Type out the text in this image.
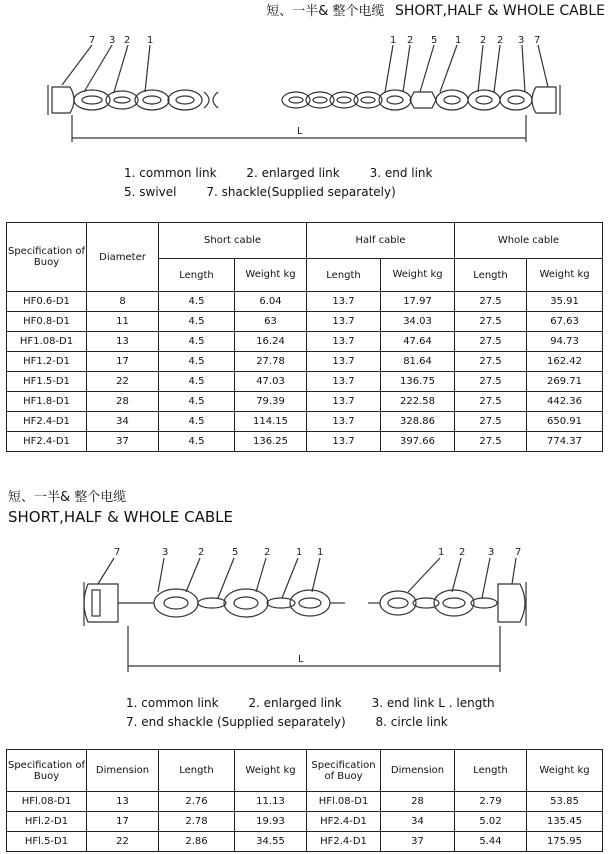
短、一半& 整个电缆 SHORT,HALF & WHOLE CABLE
7 3 2 1	1 2 5 1 2 2 3 7
L
1. common link 2. enlarged link 3. end link
5. swivel 7. shackle(Supplied separately)
Specification of Buoy	Diameter	Short cable		Half cable		Whole cable	
		Length	Weight kg	Length	Weight kg	Length	Weight kg
HF0.6-D1	8	4.5	6.04	13.7	17.97	27.5	35.91
HF0.8-D1	11	4.5	63	13.7	34.03	27.5	67.63
HF1.08-D1	13	4.5	16.24	13.7	47.64	27.5	94.73
HF1.2-D1	17	4.5	27.78	13.7	81.64	27.5	162.42
HF1.5-D1	22	4.5	47.03	13.7	136.75	27.5	269.71
HF1.8-D1	28	4.5	79.39	13.7	222.58	27.5	442.36
HF2.4-D1	34	4.5	114.15	13.7	328.86	27.5	650.91
HF2.4-D1	37	4.5	136.25	13.7	397.66	27.5	774.37
短、一半& 整个电缆
SHORT,HALF & WHOLE CABLE
7	3	2	5	2	1 1	1 2 3 7
L
1. common link 2. enlarged link 3. end link L . length
7. end shackle (Supplied separately) 8. circle link
Specification of Buoy	Dimension	Length	Weight kg	Specification of Buoy	Dimension	Length	Weight kg
HFl.08-D1	13	2.76	11.13	HFl.08-D1	28	2.79	53.85
HFl.2-D1	17	2.78	19.93	HF2.4-D1	34	5.02	135.45
HFl.5-D1	22	2.86	34.55	HF2.4-D1	37	5.44	175.95
